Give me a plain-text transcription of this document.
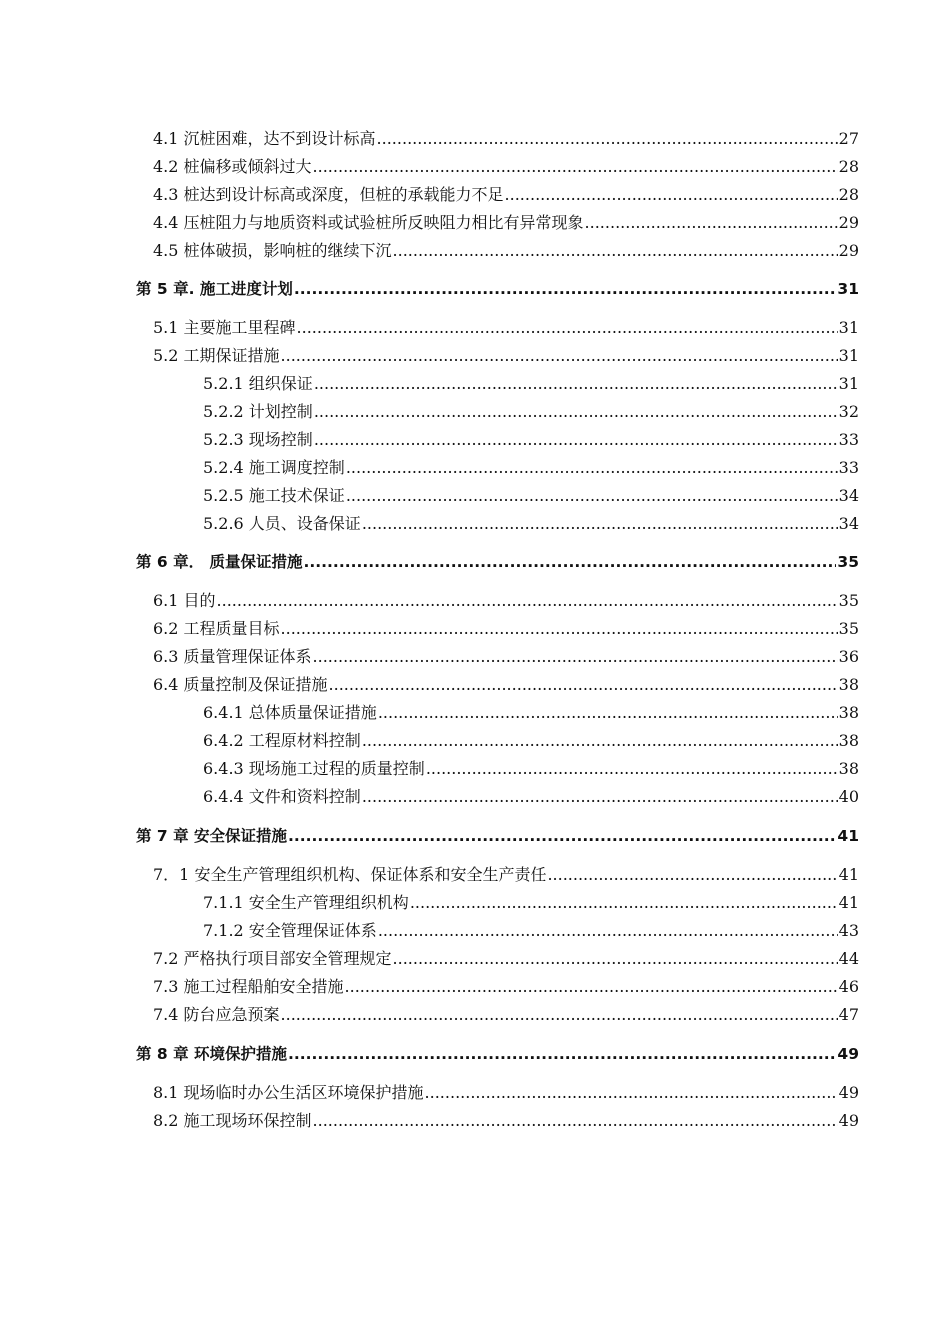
4.1 沉桩困难，达不到设计标高 .....	27
4.2 桩偏移或倾斜过大 .....	28
4.3 桩达到设计标高或深度，但桩的承载能力不足 .....	28
4.4 压桩阻力与地质资料或试验桩所反映阻力相比有异常现象 .....	29
4.5 桩体破损，影响桩的继续下沉 .....	29
第 5 章. 施工进度计划 .....	31
5.1 主要施工里程碑 .....	31
5.2 工期保证措施 .....	31
5.2.1 组织保证 .....	31
5.2.2 计划控制 .....	32
5.2.3 现场控制 .....	33
5.2.4 施工调度控制 .....	33
5.2.5 施工技术保证 .....	34
5.2.6 人员、设备保证 .....	34
第 6 章． 质量保证措施 .....	35
6.1 目的 .....	35
6.2 工程质量目标 .....	35
6.3 质量管理保证体系 .....	36
6.4 质量控制及保证措施 .....	38
6.4.1 总体质量保证措施 .....	38
6.4.2 工程原材料控制 .....	38
6.4.3 现场施工过程的质量控制 .....	38
6.4.4 文件和资料控制 .....	40
第 7 章 安全保证措施 .....	41
7．1 安全生产管理组织机构、保证体系和安全生产责任 .....	41
7.1.1 安全生产管理组织机构 .....	41
7.1.2 安全管理保证体系 .....	43
7.2 严格执行项目部安全管理规定 .....	44
7.3 施工过程船舶安全措施 .....	46
7.4 防台应急预案 .....	47
第 8 章 环境保护措施 .....	49
8.1 现场临时办公生活区环境保护措施 .....	49
8.2 施工现场环保控制 .....	49
